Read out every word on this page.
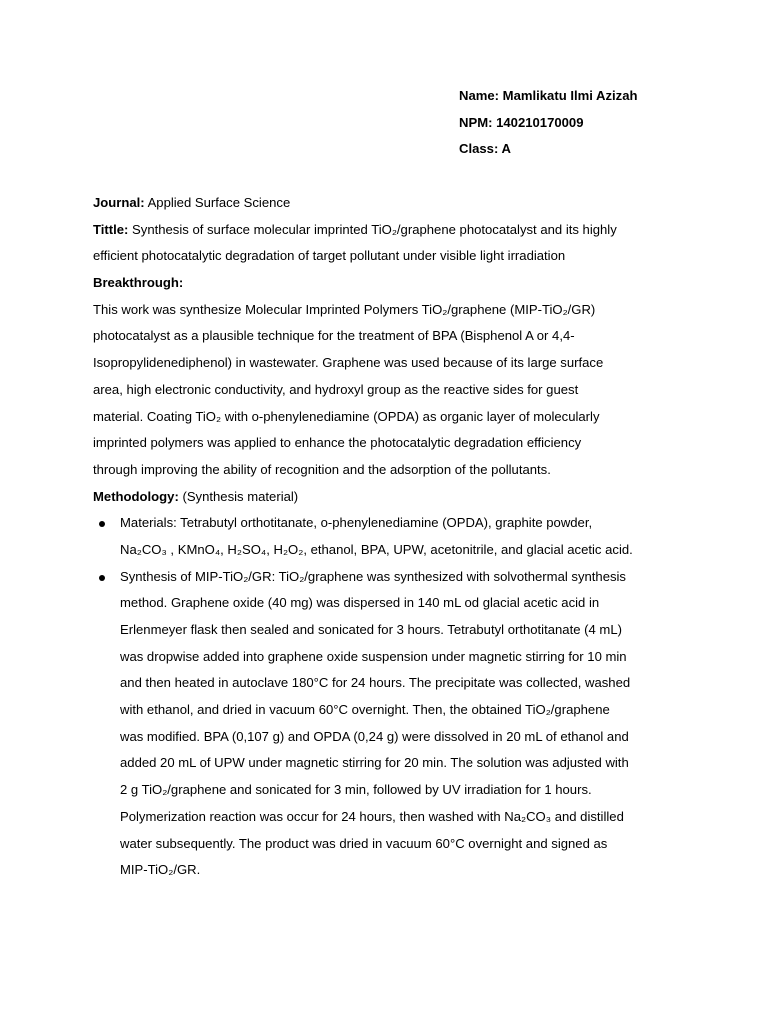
Name: Mamlikatu Ilmi Azizah
NPM: 140210170009
Class: A
Journal: Applied Surface Science
Tittle: Synthesis of surface molecular imprinted TiO₂/graphene photocatalyst and its highly
efficient photocatalytic degradation of target pollutant under visible light irradiation
Breakthrough:
This work was synthesize Molecular Imprinted Polymers TiO₂/graphene (MIP-TiO₂/GR)
photocatalyst as a plausible technique for the treatment of BPA (Bisphenol A or 4,4-
Isopropylidenediphenol) in wastewater. Graphene was used because of its large surface
area, high electronic conductivity, and hydroxyl group as the reactive sides for guest
material. Coating TiO₂ with o-phenylenediamine (OPDA) as organic layer of molecularly
imprinted polymers was applied to enhance the photocatalytic degradation efficiency
through improving the ability of recognition and the adsorption of the pollutants.
Methodology: (Synthesis material)
Materials: Tetrabutyl orthotitanate, o-phenylenediamine (OPDA), graphite powder,
Na₂CO₃ , KMnO₄, H₂SO₄, H₂O₂, ethanol, BPA, UPW, acetonitrile, and glacial acetic acid.
Synthesis of MIP-TiO₂/GR: TiO₂/graphene was synthesized with solvothermal synthesis
method. Graphene oxide (40 mg) was dispersed in 140 mL od glacial acetic acid in
Erlenmeyer flask then sealed and sonicated for 3 hours. Tetrabutyl orthotitanate (4 mL)
was dropwise added into graphene oxide suspension under magnetic stirring for 10 min
and then heated in autoclave 180°C for 24 hours. The precipitate was collected, washed
with ethanol, and dried in vacuum 60°C overnight. Then, the obtained TiO₂/graphene
was modified. BPA (0,107 g) and OPDA (0,24 g) were dissolved in 20 mL of ethanol and
added 20 mL of UPW under magnetic stirring for 20 min. The solution was adjusted with
2 g TiO₂/graphene and sonicated for 3 min, followed by UV irradiation for 1 hours.
Polymerization reaction was occur for 24 hours, then washed with Na₂CO₃ and distilled
water subsequently. The product was dried in vacuum 60°C overnight and signed as
MIP-TiO₂/GR.
